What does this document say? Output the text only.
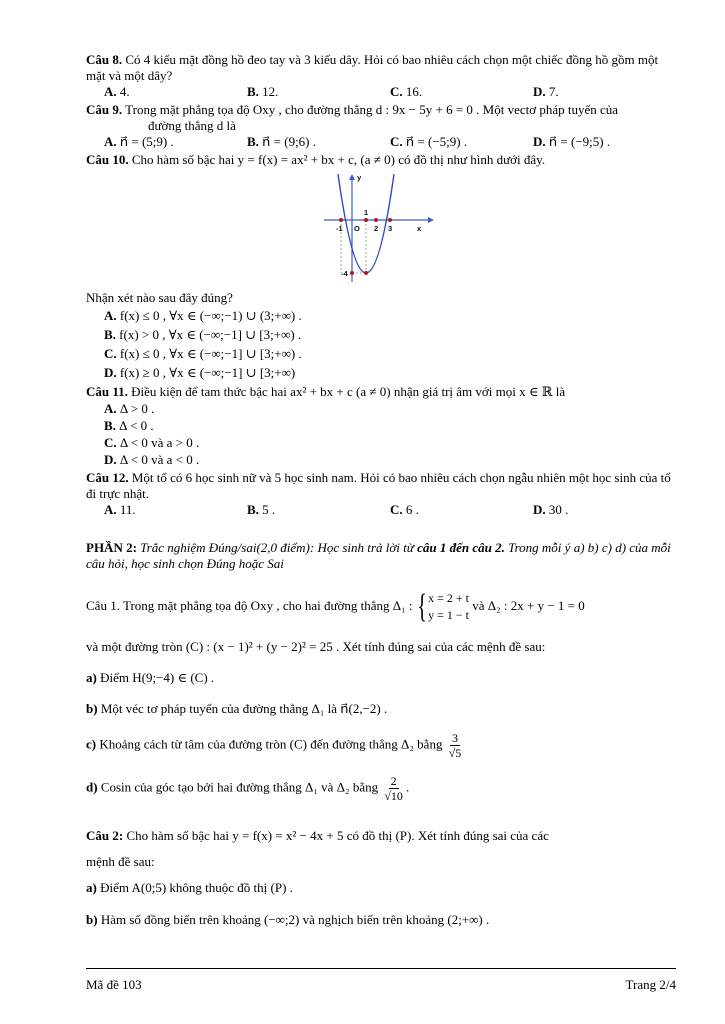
Câu 8. Có 4 kiểu mặt đồng hồ đeo tay và 3 kiểu dây. Hỏi có bao nhiêu cách chọn một chiếc đồng hồ gồm một mặt và một dây?

A. 4.	B. 12.	C. 16.	D. 7.

Câu 9. Trong mặt phẳng tọa độ Oxy , cho đường thẳng d : 9x − 5y + 6 = 0 . Một vectơ pháp tuyến của

đường thẳng d là

A. n⃗ = (5;9) .	B. n⃗ = (9;6) .	C. n⃗ = (−5;9) .	D. n⃗ = (−9;5) .

Câu 10. Cho hàm số bậc hai y = f(x) = ax² + bx + c, (a ≠ 0) có đồ thị như hình dưới đây.

y
x
O
-1	2 3
1
-4

Nhận xét nào sau đây đúng?

A. f(x) ≤ 0 , ∀x ∈ (−∞;−1) ∪ (3;+∞) .
B. f(x) > 0 , ∀x ∈ (−∞;−1] ∪ [3;+∞) .
C. f(x) ≤ 0 , ∀x ∈ (−∞;−1] ∪ [3;+∞) .
D. f(x) ≥ 0 , ∀x ∈ (−∞;−1] ∪ [3;+∞)

Câu 11. Điều kiện để tam thức bậc hai ax² + bx + c (a ≠ 0) nhận giá trị âm với mọi x ∈ ℝ là

A. Δ > 0 .
B. Δ < 0 .
C. Δ < 0 và a > 0 .
D. Δ < 0 và a < 0 .

Câu 12. Một tổ có 6 học sinh nữ và 5 học sinh nam. Hỏi có bao nhiêu cách chọn ngẫu nhiên một học sinh của tổ đi trực nhật.

A. 11.	B. 5 .	C. 6 .	D. 30 .

PHẦN 2: Trắc nghiệm Đúng/sai(2,0 điểm): Học sinh trả lời từ câu 1 đến câu 2. Trong mỗi ý a) b) c) d) của mỗi câu hỏi, học sinh chọn Đúng hoặc Sai

Câu 1. Trong mặt phẳng tọa độ Oxy , cho hai đường thẳng Δ₁ : { x = 2 + t
y = 1 − t
và Δ₂ : 2x + y − 1 = 0

và một đường tròn (C) : (x − 1)² + (y − 2)² = 25 . Xét tính đúng sai của các mệnh đề sau:

a) Điểm H(9;−4) ∈ (C) .

b) Một véc tơ pháp tuyến của đường thẳng Δ₁ là n⃗(2,−2) .

c) Khoảng cách từ tâm của đường tròn (C) đến đường thẳng Δ₂ bằng $\frac{3}{√5}$

d) Cosin của góc tạo bởi hai đường thẳng Δ₁ và Δ₂ bằng $\frac{2}{√10}$ .

Câu 2: Cho hàm số bậc hai y = f(x) = x² − 4x + 5 có đồ thị (P). Xét tính đúng sai của các

mệnh đề sau:

a) Điểm A(0;5) không thuộc đồ thị (P) .

b) Hàm số đồng biến trên khoảng (−∞;2) và nghịch biến trên khoảng (2;+∞) .

Mã đề 103	Trang 2/4
